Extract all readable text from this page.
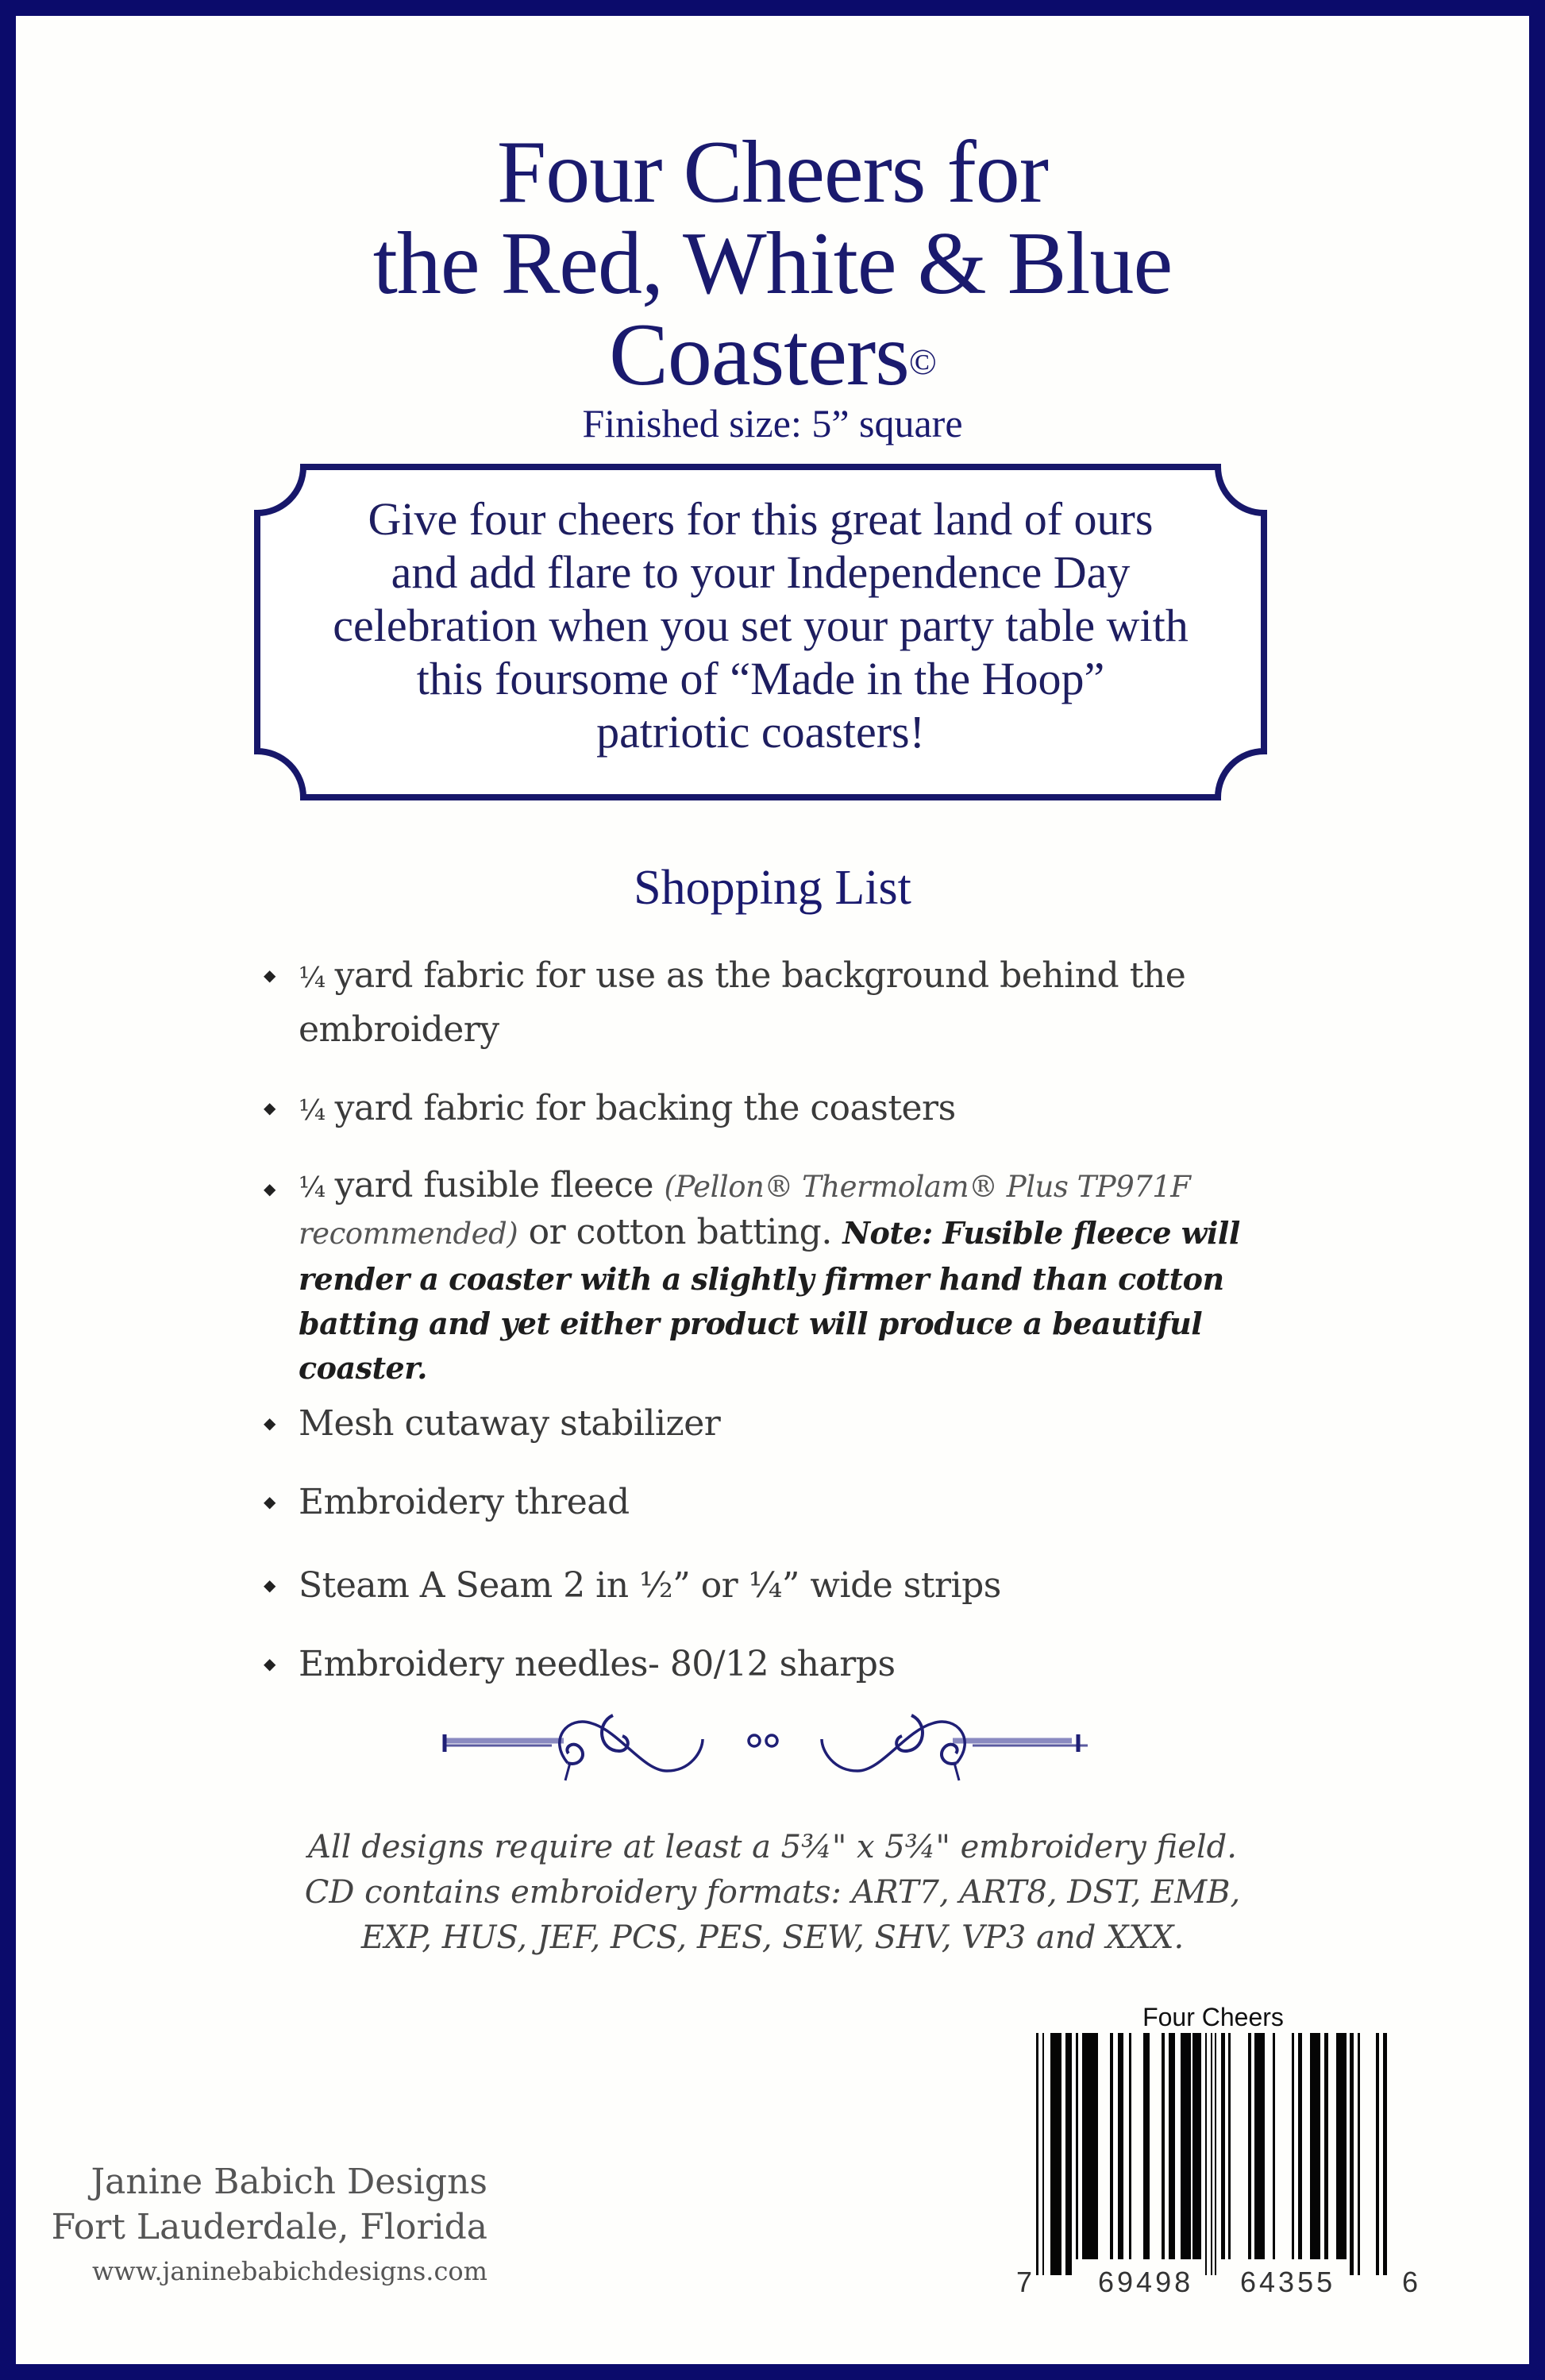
Four Cheers for
the Red, White & Blue
Coasters©
Finished size: 5” square
Give four cheers for this great land of ours
and add flare to your Independence Day
celebration when you set your party table with
this foursome of “Made in the Hoop”
patriotic coasters!
Shopping List
◆ ¼ yard fabric for use as the background behind the embroidery
◆ ¼ yard fabric for backing the coasters
◆ ¼ yard fusible fleece (Pellon® Thermolam® Plus TP971F recommended) or cotton batting. Note: Fusible fleece will render a coaster with a slightly firmer hand than cotton batting and yet either product will produce a beautiful coaster.
◆ Mesh cutaway stabilizer
◆ Embroidery thread
◆ Steam A Seam 2 in ½” or ¼” wide strips
◆ Embroidery needles- 80/12 sharps
All designs require at least a 5¾" x 5¾" embroidery field.
CD contains embroidery formats: ART7, ART8, DST, EMB,
EXP, HUS, JEF, PCS, PES, SEW, SHV, VP3 and XXX.
Janine Babich Designs
Fort Lauderdale, Florida
www.janinebabichdesigns.com
Four Cheers
7 69498 64355 6
